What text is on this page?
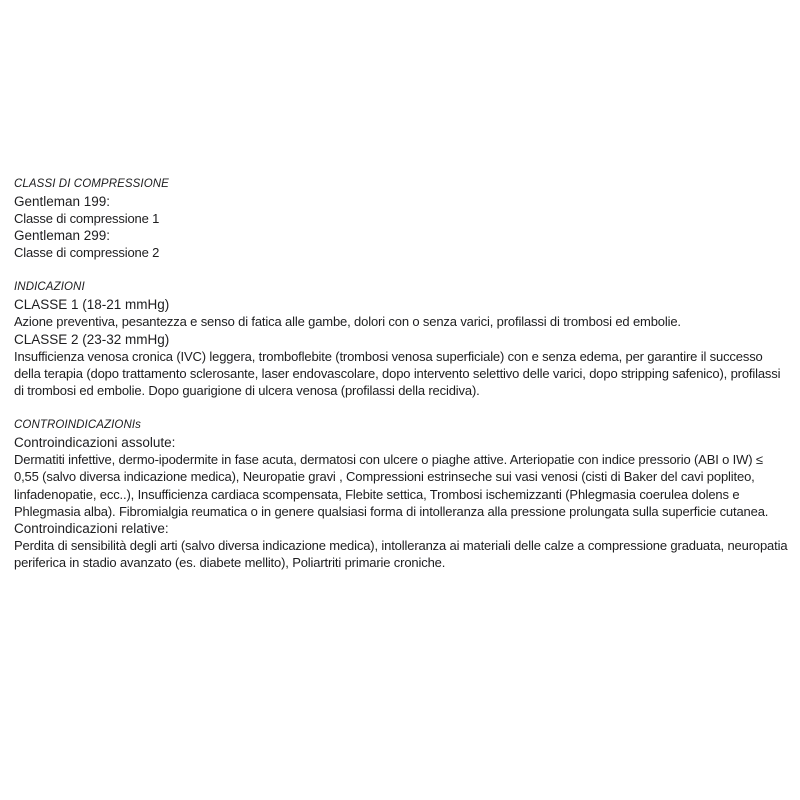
CLASSI DI COMPRESSIONE
Gentleman 199:

Classe di compressione 1

Gentleman 299:

Classe di compressione 2

INDICAZIONI
CLASSE 1 (18-21 mmHg)

Azione preventiva, pesantezza e senso di fatica alle gambe, dolori con o senza varici, profilassi di trombosi ed embolie.

CLASSE 2 (23-32 mmHg)

Insufficienza venosa cronica (IVC) leggera, tromboflebite (trombosi venosa superficiale) con e senza edema, per garantire il successo della terapia (dopo trattamento sclerosante, laser endovascolare, dopo intervento selettivo delle varici, dopo stripping safenico), profilassi di trombosi ed embolie. Dopo guarigione di ulcera venosa (profilassi della recidiva).

CONTROINDICAZIONIs
Controindicazioni assolute:

Dermatiti infettive, dermo-ipodermite in fase acuta, dermatosi con ulcere o piaghe attive. Arteriopatie con indice pressorio (ABI o IW) ≤ 0,55 (salvo diversa indicazione medica), Neuropatie gravi , Compressioni estrinseche sui vasi venosi (cisti di Baker del cavi popliteo, linfadenopatie, ecc..), Insufficienza cardiaca scompensata, Flebite settica, Trombosi ischemizzanti (Phlegmasia coerulea dolens e Phlegmasia alba). Fibromialgia reumatica o in genere qualsiasi forma di intolleranza alla pressione prolungata sulla superficie cutanea.

Controindicazioni relative:

Perdita di sensibilità degli arti (salvo diversa indicazione medica), intolleranza ai materiali delle calze a compressione graduata, neuropatia periferica in stadio avanzato (es. diabete mellito), Poliartriti primarie croniche.
